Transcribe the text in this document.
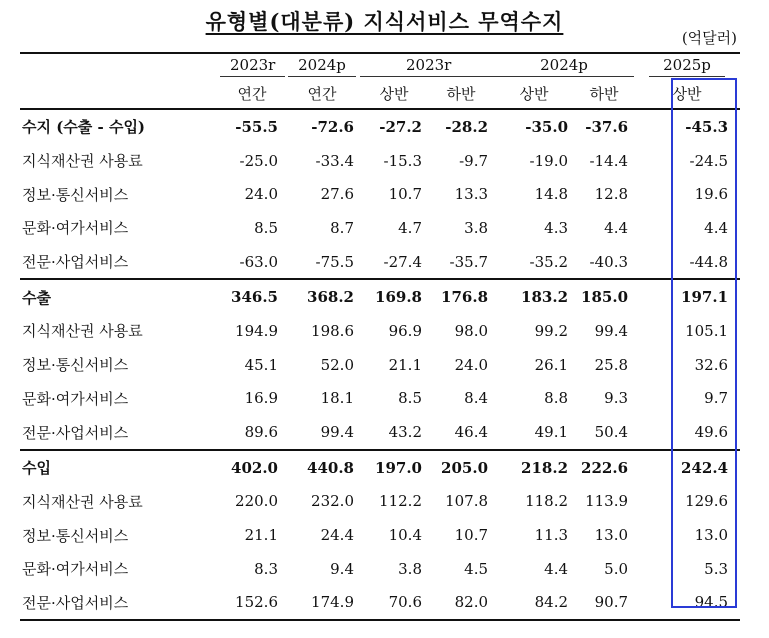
유형별(대분류) 지식서비스 무역수지
(억달러)
	2023r	2024p	2023r		2024p		2025p
	연간	연간	상반	하반	상반	하반	상반
수지 (수출 - 수입)	-55.5	-72.6	-27.2	-28.2	-35.0	-37.6	-45.3
지식재산권 사용료	-25.0	-33.4	-15.3	-9.7	-19.0	-14.4	-24.5
정보·통신서비스	24.0	27.6	10.7	13.3	14.8	12.8	19.6
문화·여가서비스	8.5	8.7	4.7	3.8	4.3	4.4	4.4
전문·사업서비스	-63.0	-75.5	-27.4	-35.7	-35.2	-40.3	-44.8
수출	346.5	368.2	169.8	176.8	183.2	185.0	197.1
지식재산권 사용료	194.9	198.6	96.9	98.0	99.2	99.4	105.1
정보·통신서비스	45.1	52.0	21.1	24.0	26.1	25.8	32.6
문화·여가서비스	16.9	18.1	8.5	8.4	8.8	9.3	9.7
전문·사업서비스	89.6	99.4	43.2	46.4	49.1	50.4	49.6
수입	402.0	440.8	197.0	205.0	218.2	222.6	242.4
지식재산권 사용료	220.0	232.0	112.2	107.8	118.2	113.9	129.6
정보·통신서비스	21.1	24.4	10.4	10.7	11.3	13.0	13.0
문화·여가서비스	8.3	9.4	3.8	4.5	4.4	5.0	5.3
전문·사업서비스	152.6	174.9	70.6	82.0	84.2	90.7	94.5
